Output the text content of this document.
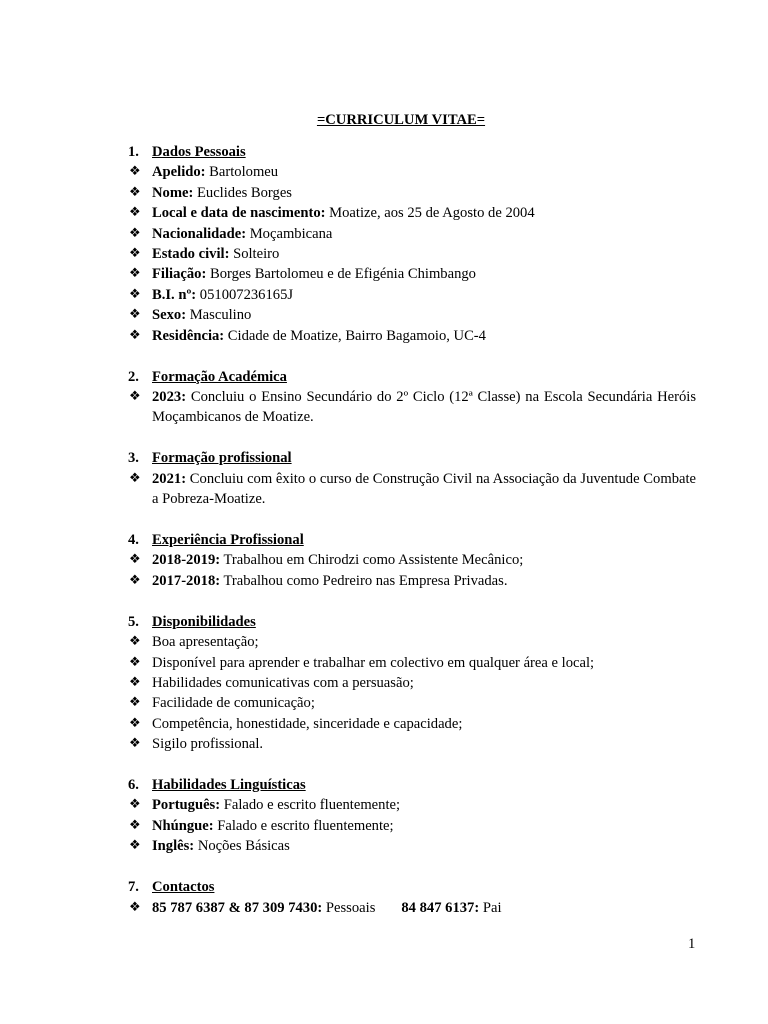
=CURRICULUM VITAE=
1. Dados Pessoais
❖ Apelido: Bartolomeu
❖ Nome: Euclides Borges
❖ Local e data de nascimento: Moatize, aos 25 de Agosto de 2004
❖ Nacionalidade: Moçambicana
❖ Estado civil: Solteiro
❖ Filiação: Borges Bartolomeu e de Efigénia Chimbango
❖ B.I. nº: 051007236165J
❖ Sexo: Masculino
❖ Residência: Cidade de Moatize, Bairro Bagamoio, UC-4
2. Formação Académica
❖ 2023: Concluiu o Ensino Secundário do 2º Ciclo (12ª Classe) na Escola Secundária Heróis Moçambicanos de Moatize.
3. Formação profissional
❖ 2021: Concluiu com êxito o curso de Construção Civil na Associação da Juventude Combate a Pobreza-Moatize.
4. Experiência Profissional
❖ 2018-2019: Trabalhou em Chirodzi como Assistente Mecânico;
❖ 2017-2018: Trabalhou como Pedreiro nas Empresa Privadas.
5. Disponibilidades
❖ Boa apresentação;
❖ Disponível para aprender e trabalhar em colectivo em qualquer área e local;
❖ Habilidades comunicativas com a persuasão;
❖ Facilidade de comunicação;
❖ Competência, honestidade, sinceridade e capacidade;
❖ Sigilo profissional.
6. Habilidades Linguísticas
❖ Português: Falado e escrito fluentemente;
❖ Nhúngue: Falado e escrito fluentemente;
❖ Inglês: Noções Básicas
7. Contactos
❖ 85 787 6387 & 87 309 7430: Pessoais 84 847 6137: Pai
1
